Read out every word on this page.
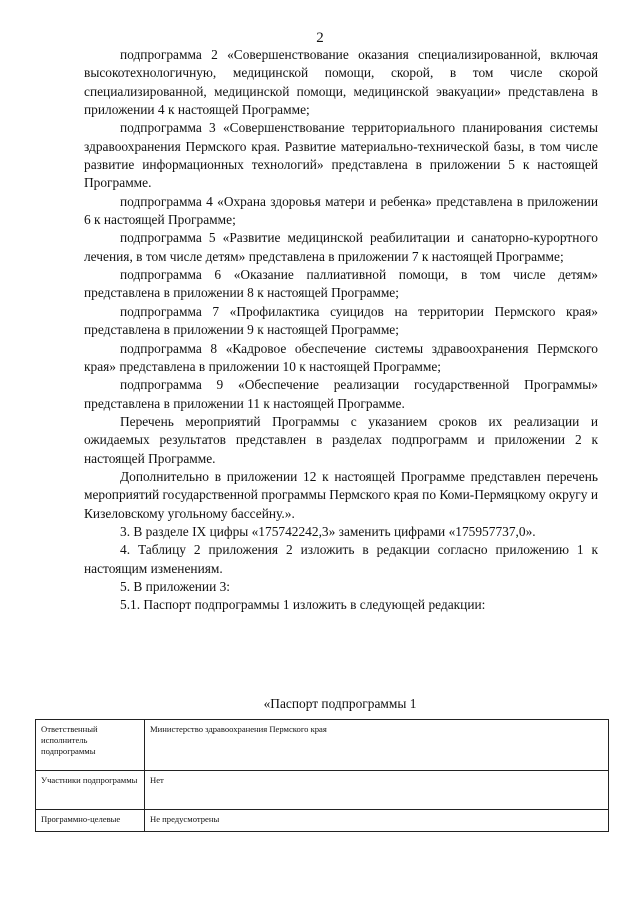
2

подпрограмма 2 «Совершенствование оказания специализированной, включая высокотехнологичную, медицинской помощи, скорой, в том числе скорой специализированной, медицинской помощи, медицинской эвакуации» представлена в приложении 4 к настоящей Программе;

подпрограмма 3 «Совершенствование территориального планирования системы здравоохранения Пермского края. Развитие материально-технической базы, в том числе развитие информационных технологий» представлена в приложении 5 к настоящей Программе.

подпрограмма 4 «Охрана здоровья матери и ребенка» представлена в приложении 6 к настоящей Программе;

подпрограмма 5 «Развитие медицинской реабилитации и санаторно-курортного лечения, в том числе детям» представлена в приложении 7 к настоящей Программе;

подпрограмма 6 «Оказание паллиативной помощи, в том числе детям» представлена в приложении 8 к настоящей Программе;

подпрограмма 7 «Профилактика суицидов на территории Пермского края» представлена в приложении 9 к настоящей Программе;

подпрограмма 8 «Кадровое обеспечение системы здравоохранения Пермского края» представлена в приложении 10 к настоящей Программе;

подпрограмма 9 «Обеспечение реализации государственной Программы» представлена в приложении 11 к настоящей Программе.

Перечень мероприятий Программы с указанием сроков их реализации и ожидаемых результатов представлен в разделах подпрограмм и приложении 2 к настоящей Программе.

Дополнительно в приложении 12 к настоящей Программе представлен перечень мероприятий государственной программы Пермского края по Коми-Пермяцкому округу и Кизеловскому угольному бассейну.».

3. В разделе IX цифры «175742242,3» заменить цифрами «175957737,0».

4. Таблицу 2 приложения 2 изложить в редакции согласно приложению 1 к настоящим изменениям.

5. В приложении 3:

5.1. Паспорт подпрограммы 1 изложить в следующей редакции:

«Паспорт подпрограммы 1
Ответственный исполнитель подпрограммы	Министерство здравоохранения Пермского края
Участники подпрограммы	Нет
Программно-целевые	Не предусмотрены
